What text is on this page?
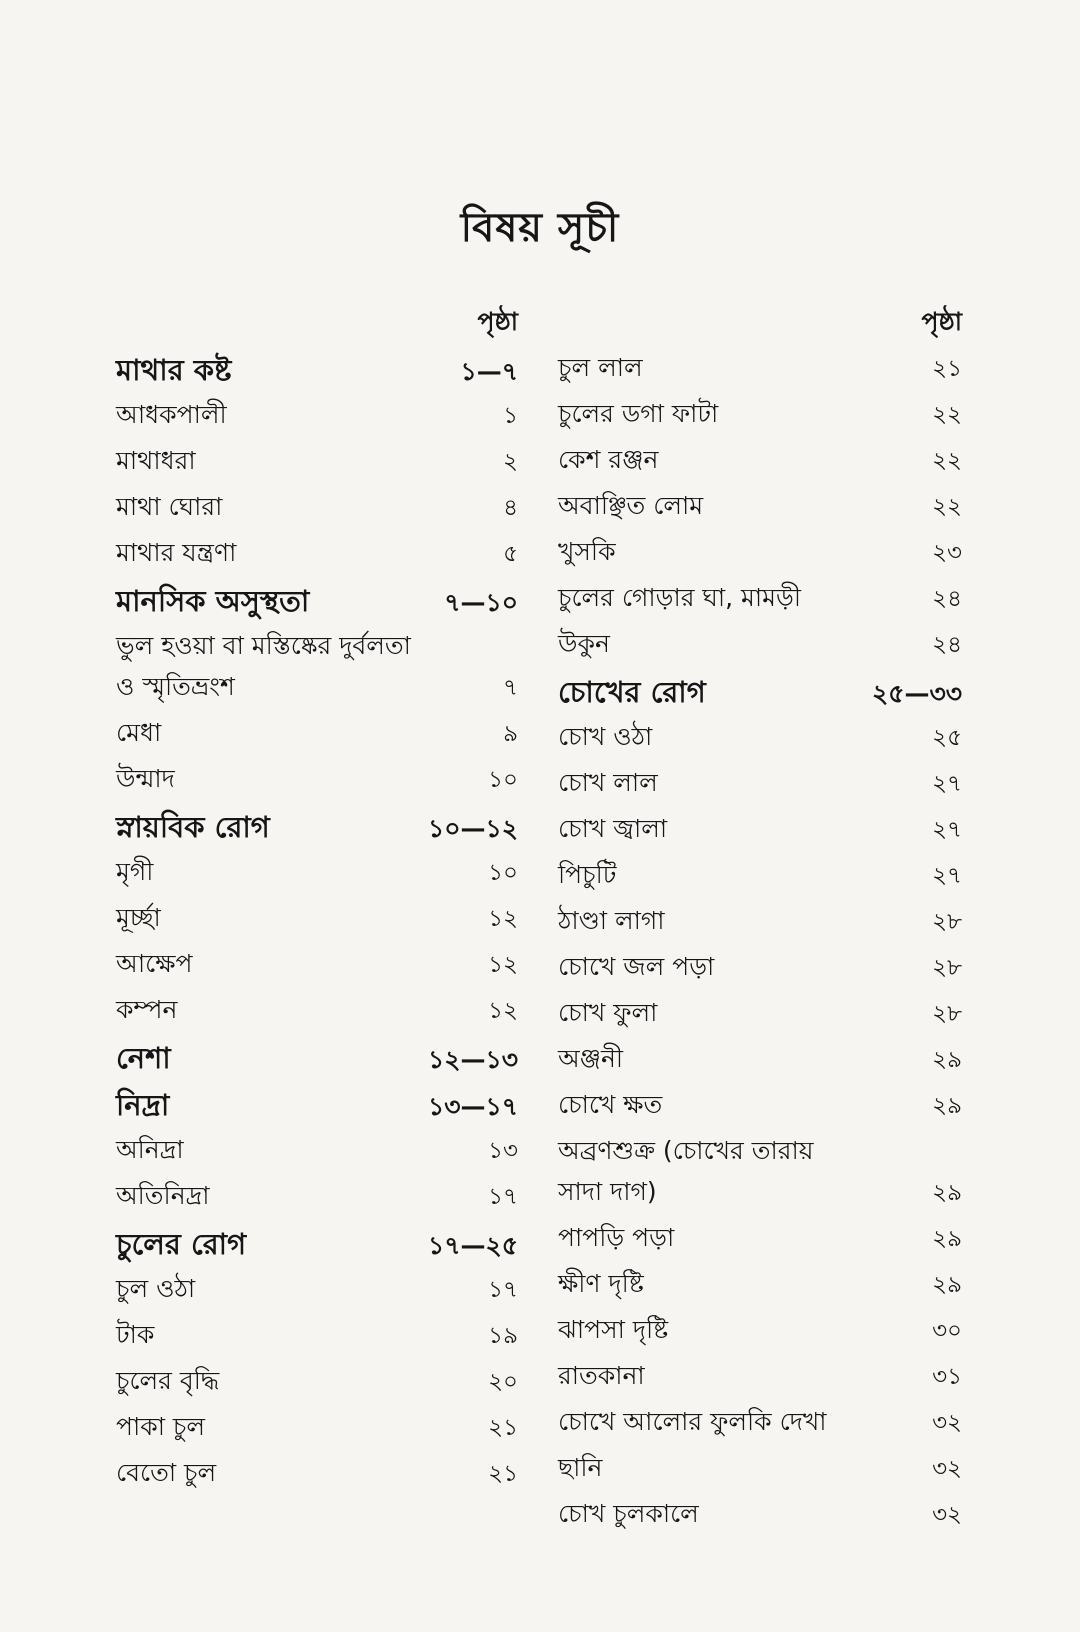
বিষয় সূচী
পৃষ্ঠা
মাথার কষ্ট	১—৭
আধকপালী	১
মাথাধরা	২
মাথা ঘোরা	৪
মাথার যন্ত্রণা	৫
মানসিক অসুস্থতা	৭—১০
ভুল হওয়া বা মস্তিষ্কের দুর্বলতা
ও স্মৃতিভ্রংশ	৭
মেধা	৯
উন্মাদ	১০
স্নায়বিক রোগ	১০—১২
মৃগী	১০
মূর্চ্ছা	১২
আক্ষেপ	১২
কম্পন	১২
নেশা	১২—১৩
নিদ্রা	১৩—১৭
অনিদ্রা	১৩
অতিনিদ্রা	১৭
চুলের রোগ	১৭—২৫
চুল ওঠা	১৭
টাক	১৯
চুলের বৃদ্ধি	২০
পাকা চুল	২১
বেতো চুল	২১
পৃষ্ঠা
চুল লাল	২১
চুলের ডগা ফাটা	২২
কেশ রঞ্জন	২২
অবাঞ্ছিত লোম	২২
খুসকি	২৩
চুলের গোড়ার ঘা, মামড়ী	২৪
উকুন	২৪
চোখের রোগ	২৫—৩৩
চোখ ওঠা	২৫
চোখ লাল	২৭
চোখ জ্বালা	২৭
পিচুটি	২৭
ঠাণ্ডা লাগা	২৮
চোখে জল পড়া	২৮
চোখ ফুলা	২৮
অঞ্জনী	২৯
চোখে ক্ষত	২৯
অব্রণশুক্র (চোখের তারায়
সাদা দাগ)	২৯
পাপড়ি পড়া	২৯
ক্ষীণ দৃষ্টি	২৯
ঝাপসা দৃষ্টি	৩০
রাতকানা	৩১
চোখে আলোর ফুলকি দেখা	৩২
ছানি	৩২
চোখ চুলকালে	৩২
